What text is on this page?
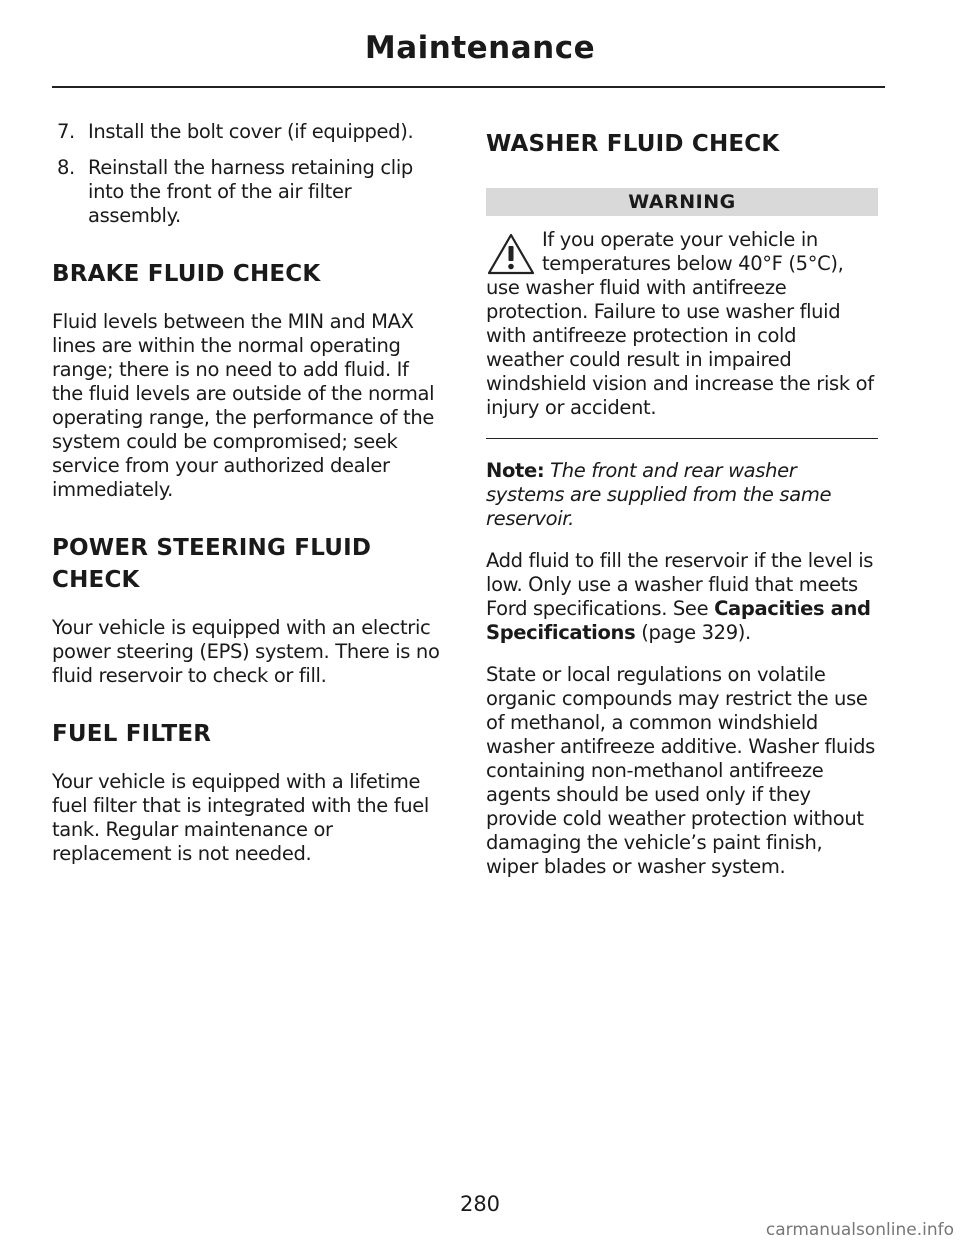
Maintenance
7. Install the bolt cover (if equipped).
8. Reinstall the harness retaining clip into the front of the air filter assembly.
BRAKE FLUID CHECK

Fluid levels between the MIN and MAX lines are within the normal operating range; there is no need to add fluid. If the fluid levels are outside of the normal operating range, the performance of the system could be compromised; seek service from your authorized dealer immediately.

POWER STEERING FLUID
CHECK

Your vehicle is equipped with an electric power steering (EPS) system. There is no fluid reservoir to check or fill.

FUEL FILTER

Your vehicle is equipped with a lifetime fuel filter that is integrated with the fuel tank. Regular maintenance or replacement is not needed.

WASHER FLUID CHECK
WARNING

If you operate your vehicle in temperatures below 40°F (5°C), use washer fluid with antifreeze protection. Failure to use washer fluid with antifreeze protection in cold weather could result in impaired windshield vision and increase the risk of injury or accident.

Note: The front and rear washer systems are supplied from the same reservoir.

Add fluid to fill the reservoir if the level is low. Only use a washer fluid that meets Ford specifications. See Capacities and Specifications (page 329).

State or local regulations on volatile organic compounds may restrict the use of methanol, a common windshield washer antifreeze additive. Washer fluids containing non-methanol antifreeze agents should be used only if they provide cold weather protection without damaging the vehicle’s paint finish, wiper blades or washer system.

280
carmanualsonline.info
